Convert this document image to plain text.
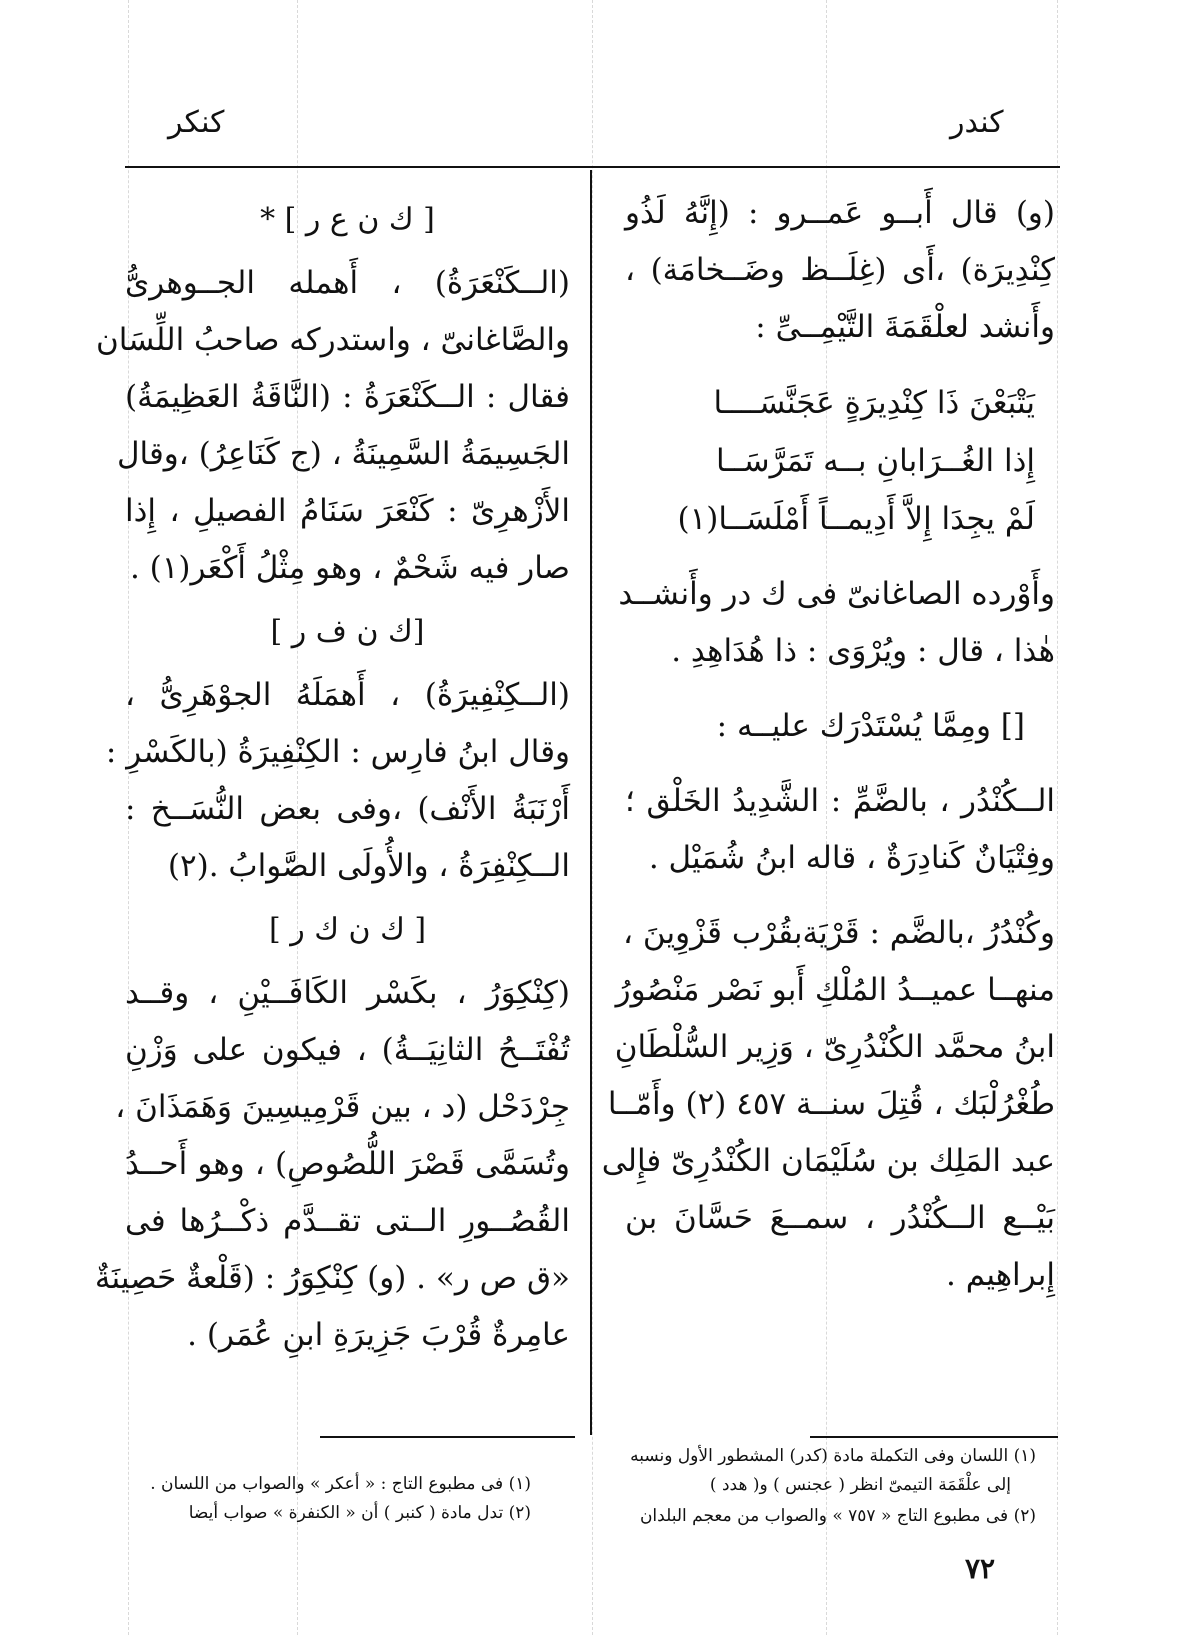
كنكر	كندر
(و) قال أَبــو عَمــرو : (إِنَّهُ لَذُو
كِنْدِيرَة) ،أَى (غِلَــظ وضَــخامَة) ،
وأَنشد لعلْقَمَةَ التَّيْمِــىِّ :
يَتْبَعْنَ ذَا كِنْدِيرَةٍ عَجَنَّسَــــا
إِذا الغُــرَابانِ بــه تَمَرَّسَــا
لَمْ يجِدَا إِلاَّ أَدِيمــاً أَمْلَسَــا(١)
وأَوْرده الصاغانىّ فى ك در وأَنشــد
هٰذا ، قال : ويُرْوَى : ذا هُدَاهِدِ .
[] ومِمَّا يُسْتَدْرَك عليــه :
الــكُنْدُر ، بالضَّمِّ : الشَّدِيدُ الخَلْق ؛
وفِتْيَانٌ كَنادِرَةٌ ، قاله ابنُ شُمَيْل .
وكُنْدُرُ ،بالضَّم : قَرْيَةبقُرْب قَزْوِينَ ،
منهــا عميــدُ المُلْكِ أَبو نَصْر مَنْصُورُ
ابنُ محمَّد الكُنْدُرِىّ ، وَزِير السُّلْطَانِ
طُغْرُلْبَك ، قُتِلَ سنــة ٤٥٧ (٢) وأَمّــا
عبد المَلِك بن سُلَيْمَان الكُنْدُرِىّ فإِلى
بَيْــع الــكُنْدُر ، سمــعَ حَسَّانَ بن
إِبراهِيم .
[ ك ن ع ر ] *
(الــكَنْعَرَةُ) ، أَهمله الجــوهرىُّ
والصَّاغانىّ ، واستدركه صاحبُ اللِّسَان
فقال : الــكَنْعَرَةُ : (النَّاقَةُ العَظِيمَةُ)
الجَسِيمَةُ السَّمِينَةُ ، (ج كَنَاعِرُ) ،وقال
الأَزْهرِىّ : كَنْعَرَ سَنَامُ الفصيلِ ، إِذا
صار فيه شَحْمٌ ، وهو مِثْلُ أَكْعَر(١) .
[ك ن ف ر ]
(الــكِنْفِيرَةُ) ، أَهمَلَهُ الجوْهَرِىُّ ،
وقال ابنُ فارِس : الكِنْفِيرَةُ (بالكَسْرِ :
أَرْنَبَةُ الأَنْف) ،وفى بعض النُّسَــخ :
الــكِنْفِرَةُ ، والأُولَى الصَّوابُ .(٢)
[ ك ن ك ر ]
(كِنْكِوَرُ ، بكَسْر الكَافَــيْنِ ، وقــد
تُفْتَــحُ الثانِيَــةُ) ، فيكون على وَزْنِ
جِرْدَحْل (د ، بين قَرْمِيسِينَ وَهَمَذَانَ ،
وتُسَمَّى قَصْرَ اللُّصُوصِ) ، وهو أَحــدُ
القُصُــورِ الــتى تقــدَّم ذكْــرُها فى
«ق ص ر» . (و) كِنْكِوَرُ : (قَلْعةٌ حَصِينَةٌ
عامِرةٌ قُرْبَ جَزِيرَةِ ابنِ عُمَر) .
(١) اللسان وفى التكملة مادة (كدر) المشطور الأول ونسبه
إلى علْقَمَة التيمىّ انظر ( عجنس ) و( هدد )
(٢) فى مطبوع التاج « ٧٥٧ » والصواب من معجم البلدان
(١) فى مطبوع التاج : « أعكر » والصواب من اللسان .
(٢) تدل مادة ( كنبر ) أن « الكنفرة » صواب أيضا
٧٢
